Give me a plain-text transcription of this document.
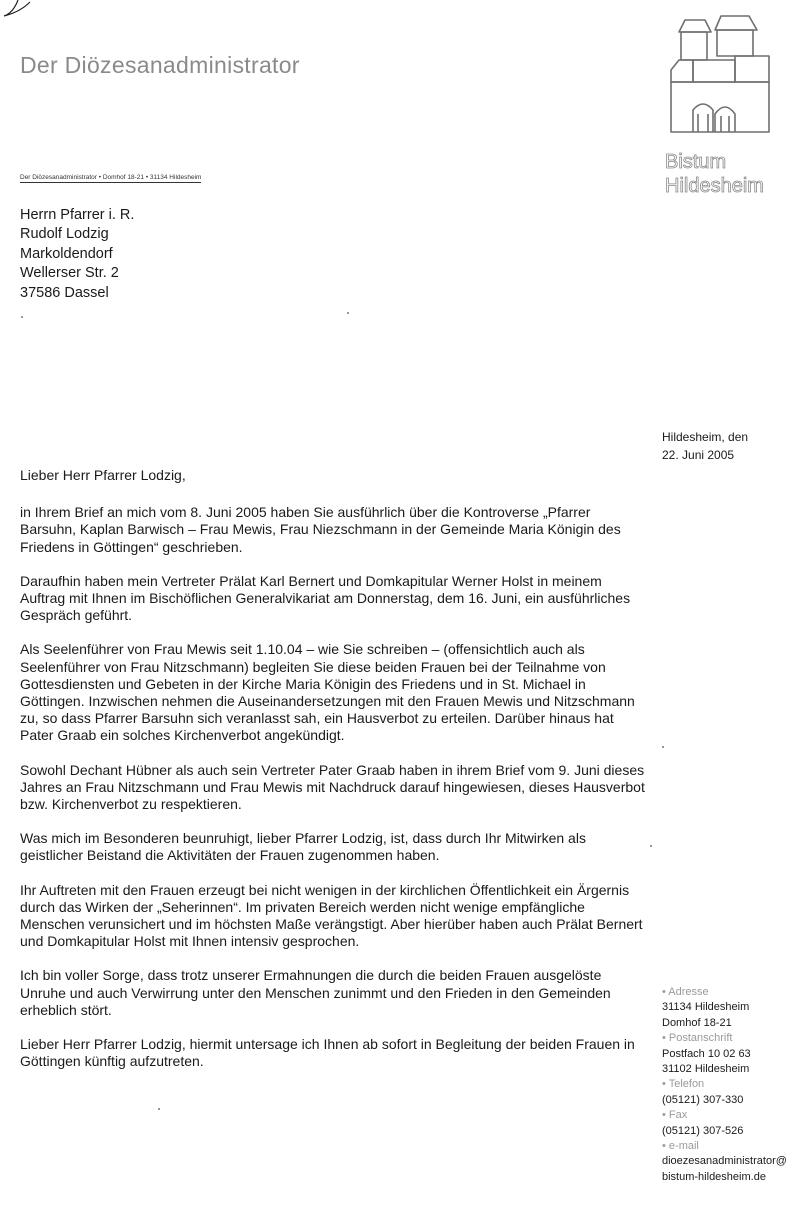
Der Diözesanadministrator
Der Diözesanadministrator • Domhof 18-21 • 31134 Hildesheim
Herrn Pfarrer i. R.
Rudolf Lodzig
Markoldendorf
Wellerser Str. 2
37586 Dassel
Bistum
Hildesheim
Hildesheim, den
22. Juni 2005

Lieber Herr Pfarrer Lodzig,

in Ihrem Brief an mich vom 8. Juni 2005 haben Sie ausführlich über die Kontroverse „Pfarrer Barsuhn, Kaplan Barwisch – Frau Mewis, Frau Niezschmann in der Gemeinde Maria Königin des Friedens in Göttingen“ geschrieben.

Daraufhin haben mein Vertreter Prälat Karl Bernert und Domkapitular Werner Holst in meinem Auftrag mit Ihnen im Bischöflichen Generalvikariat am Donnerstag, dem 16. Juni, ein ausführliches Gespräch geführt.

Als Seelenführer von Frau Mewis seit 1.10.04 – wie Sie schreiben – (offensichtlich auch als Seelenführer von Frau Nitzschmann) begleiten Sie diese beiden Frauen bei der Teilnahme von Gottesdiensten und Gebeten in der Kirche Maria Königin des Friedens und in St. Michael in Göttingen. Inzwischen nehmen die Auseinandersetzungen mit den Frauen Mewis und Nitzschmann zu, so dass Pfarrer Barsuhn sich veranlasst sah, ein Hausverbot zu erteilen. Darüber hinaus hat Pater Graab ein solches Kirchenverbot angekündigt.

Sowohl Dechant Hübner als auch sein Vertreter Pater Graab haben in ihrem Brief vom 9. Juni dieses Jahres an Frau Nitzschmann und Frau Mewis mit Nachdruck darauf hingewiesen, dieses Hausverbot bzw. Kirchenverbot zu respektieren.

Was mich im Besonderen beunruhigt, lieber Pfarrer Lodzig, ist, dass durch Ihr Mitwirken als geistlicher Beistand die Aktivitäten der Frauen zugenommen haben.

Ihr Auftreten mit den Frauen erzeugt bei nicht wenigen in der kirchlichen Öffentlichkeit ein Ärgernis durch das Wirken der „Seherinnen“. Im privaten Bereich werden nicht wenige empfängliche Menschen verunsichert und im höchsten Maße verängstigt. Aber hierüber haben auch Prälat Bernert und Domkapitular Holst mit Ihnen intensiv gesprochen.

Ich bin voller Sorge, dass trotz unserer Ermahnungen die durch die beiden Frauen ausgelöste Unruhe und auch Verwirrung unter den Menschen zunimmt und den Frieden in den Gemeinden erheblich stört.

Lieber Herr Pfarrer Lodzig, hiermit untersage ich Ihnen ab sofort in Begleitung der beiden Frauen in Göttingen künftig aufzutreten.

• Adresse
31134 Hildesheim
Domhof 18-21
• Postanschrift
Postfach 10 02 63
31102 Hildesheim
• Telefon
(05121) 307-330
• Fax
(05121) 307-526
• e-mail
dioezesanadministrator@
bistum-hildesheim.de
